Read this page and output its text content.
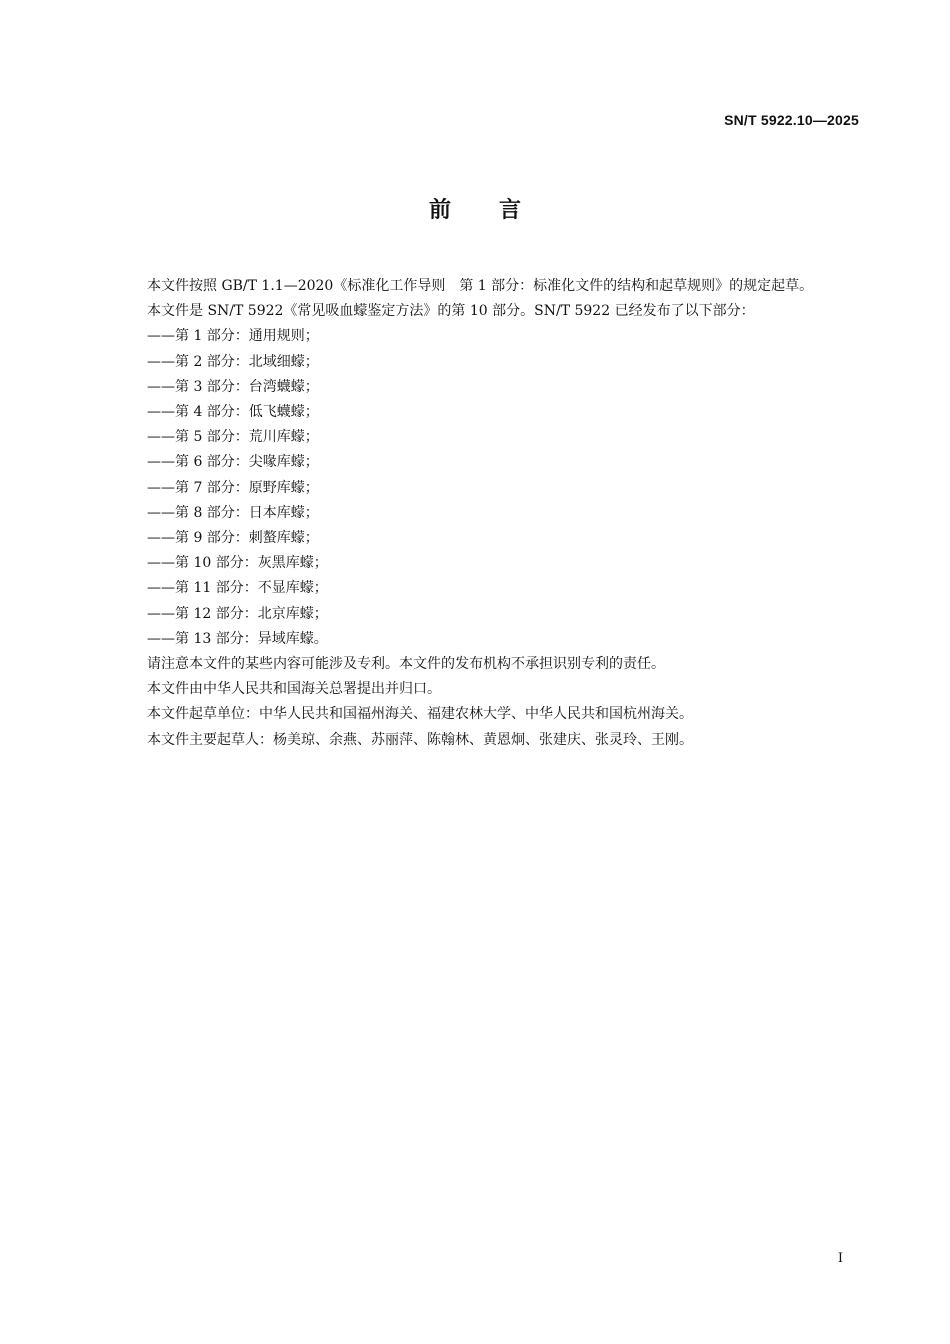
SN/T 5922.10—2025
前言

本文件按照 GB/T 1.1—2020《标准化工作导则　第 1 部分：标准化文件的结构和起草规则》的规定起草。

本文件是 SN/T 5922《常见吸血蠓鉴定方法》的第 10 部分。SN/T 5922 已经发布了以下部分：

——第 1 部分：通用规则；

——第 2 部分：北域细蠓；

——第 3 部分：台湾蠛蠓；

——第 4 部分：低飞蠛蠓；

——第 5 部分：荒川库蠓；

——第 6 部分：尖喙库蠓；

——第 7 部分：原野库蠓；

——第 8 部分：日本库蠓；

——第 9 部分：刺螯库蠓；

——第 10 部分：灰黑库蠓；

——第 11 部分：不显库蠓；

——第 12 部分：北京库蠓；

——第 13 部分：异域库蠓。

请注意本文件的某些内容可能涉及专利。本文件的发布机构不承担识别专利的责任。

本文件由中华人民共和国海关总署提出并归口。

本文件起草单位：中华人民共和国福州海关、福建农林大学、中华人民共和国杭州海关。

本文件主要起草人：杨美琼、余燕、苏丽萍、陈翰林、黄恩炯、张建庆、张灵玲、王刚。

I
